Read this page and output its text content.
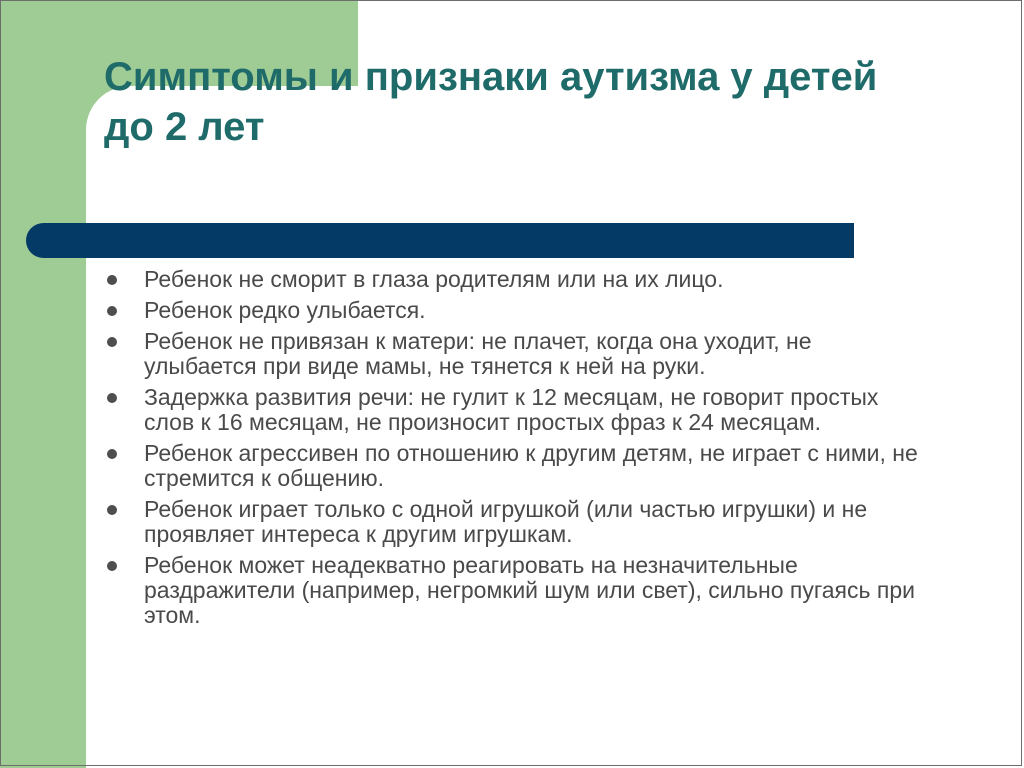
Симптомы и признаки аутизма у детей до 2 лет
Ребенок не сморит в глаза родителям или на их лицо.
Ребенок редко улыбается.
Ребенок не привязан к матери: не плачет, когда она уходит, не улыбается при виде мамы, не тянется к ней на руки.
Задержка развития речи: не гулит к 12 месяцам, не говорит простых слов к 16 месяцам, не произносит простых фраз к 24 месяцам.
Ребенок агрессивен по отношению к другим детям, не играет с ними, не стремится к общению.
Ребенок играет только с одной игрушкой (или частью игрушки) и не проявляет интереса к другим игрушкам.
Ребенок может неадекватно реагировать на незначительные раздражители (например, негромкий шум или свет), сильно пугаясь при этом.
